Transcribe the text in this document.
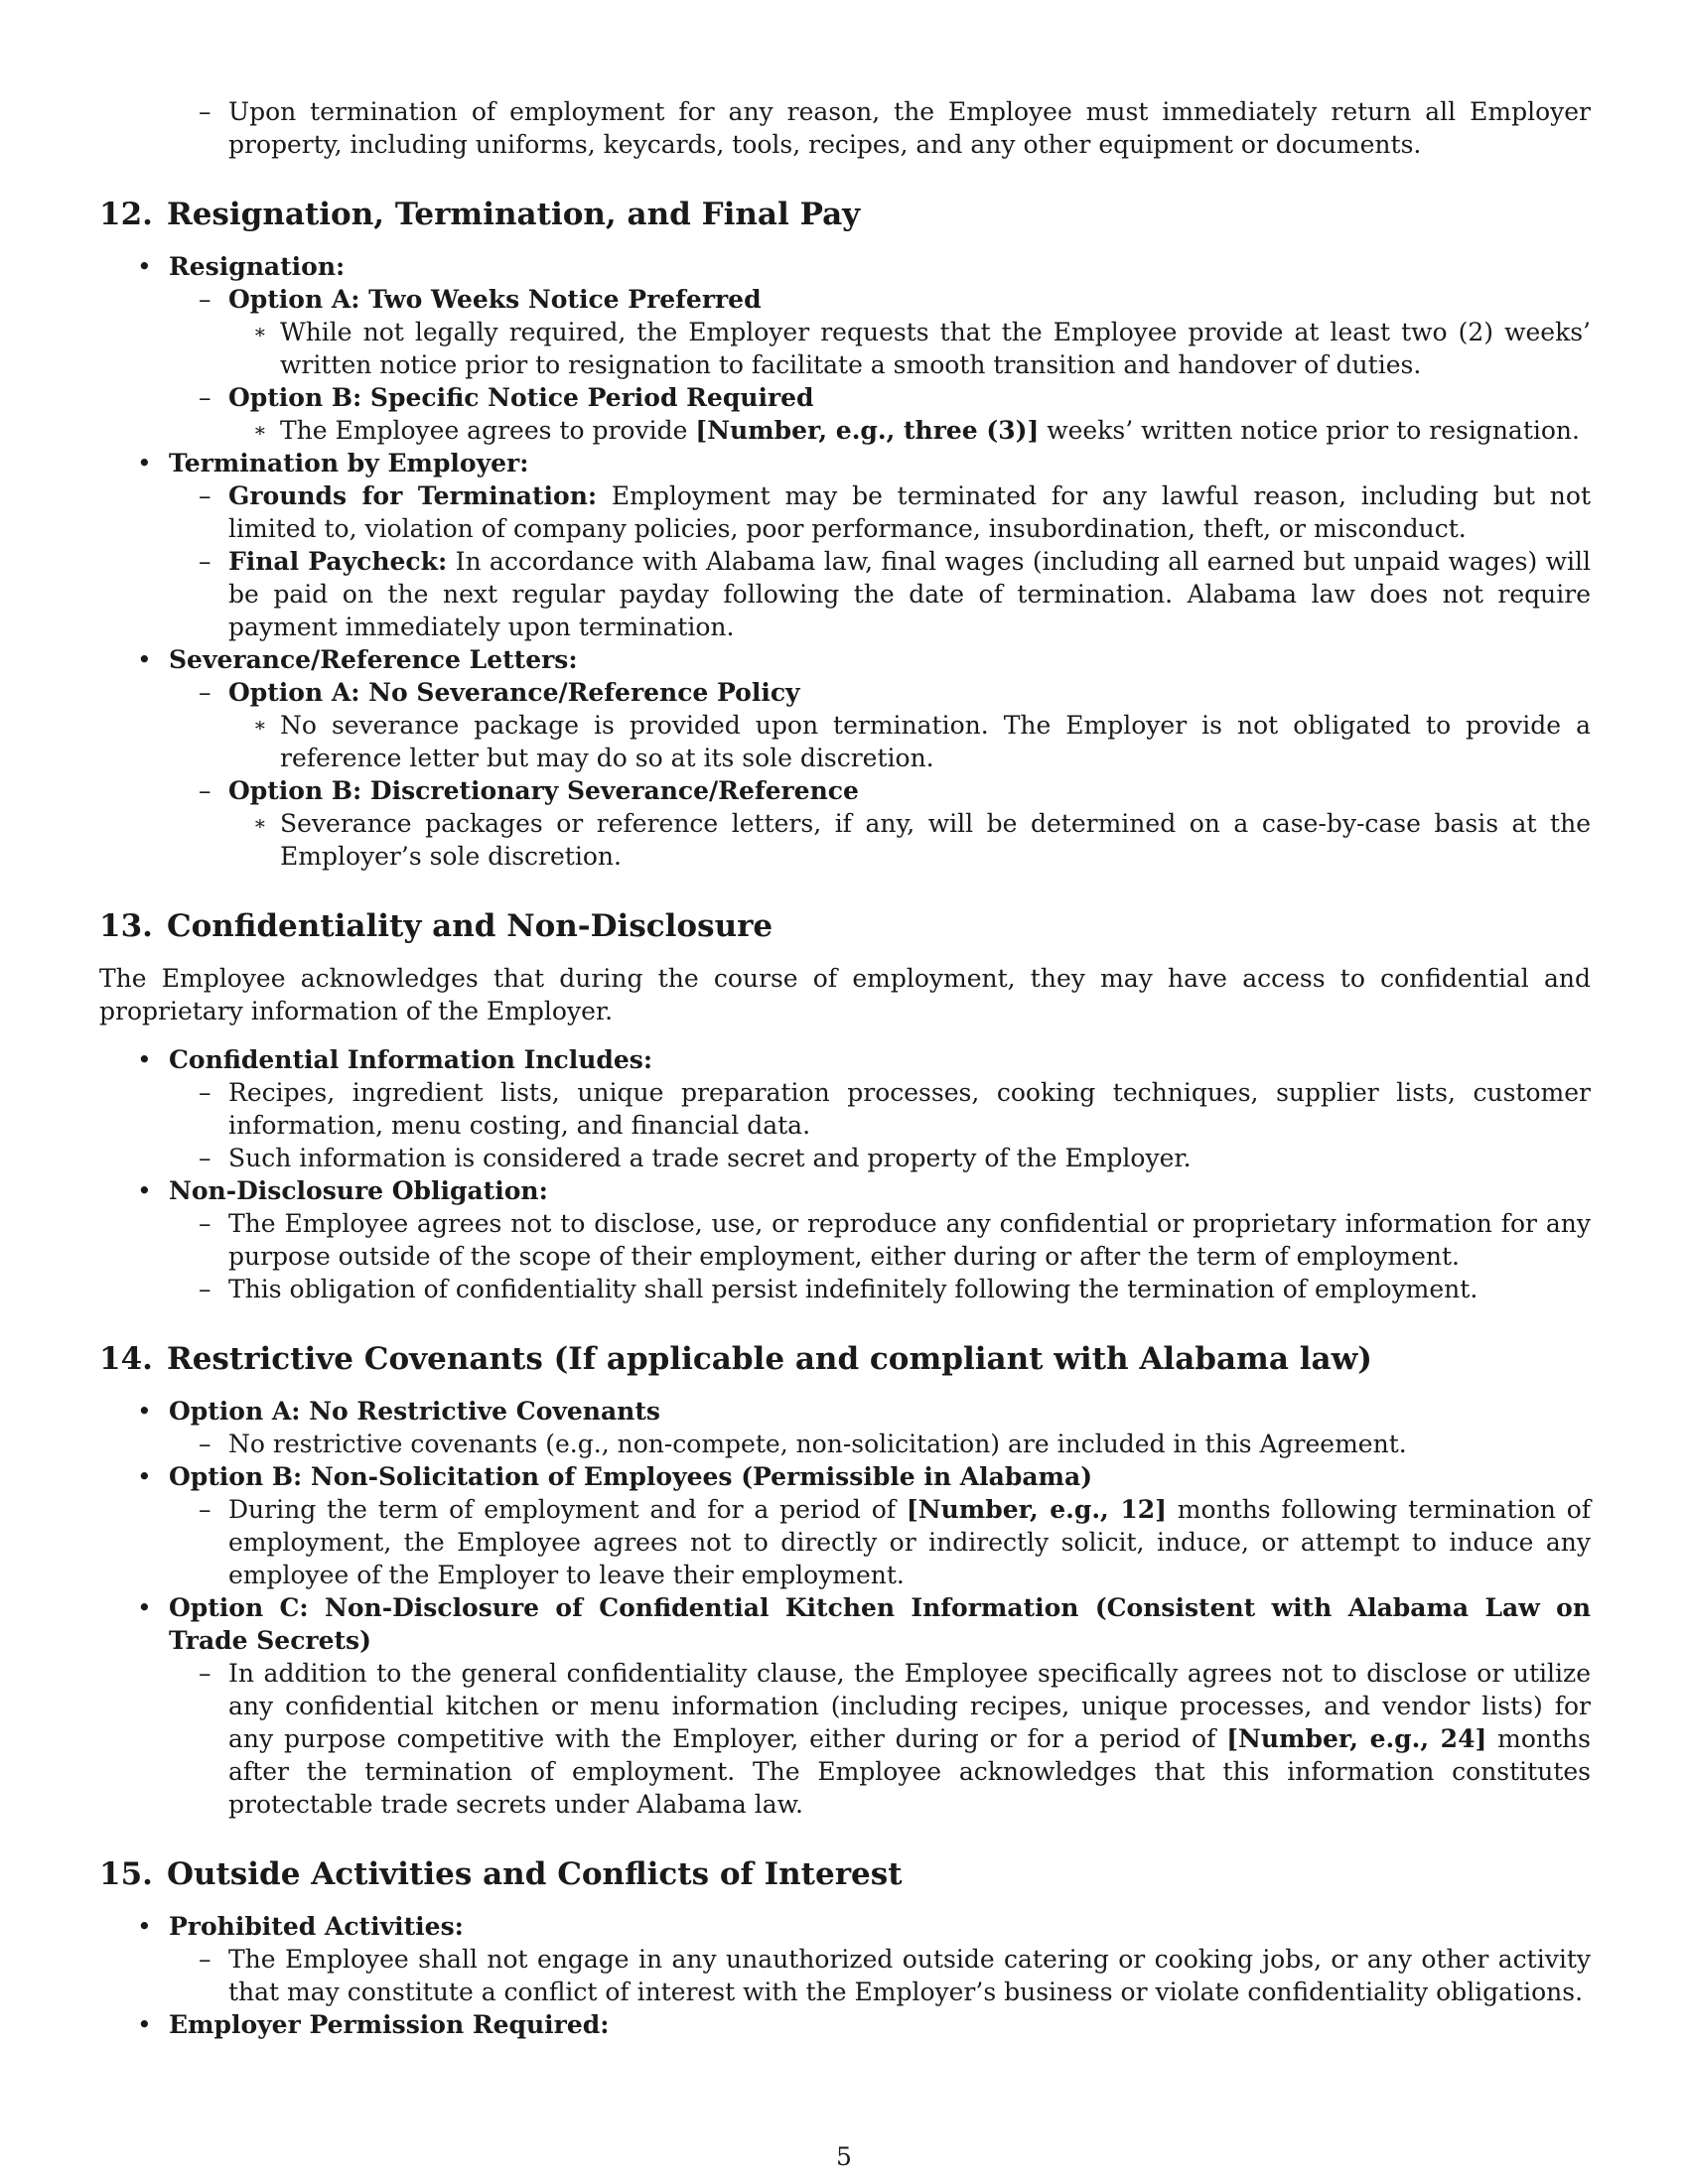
– Upon termination of employment for any reason, the Employee must immediately return all Employer property, including uniforms, keycards, tools, recipes, and any other equipment or documents.
12. Resignation, Termination, and Final Pay
• Resignation:
– Option A: Two Weeks Notice Preferred
∗ While not legally required, the Employer requests that the Employee provide at least two (2) weeks’ written notice prior to resignation to facilitate a smooth transition and handover of duties.
– Option B: Specific Notice Period Required
∗ The Employee agrees to provide [Number, e.g., three (3)] weeks’ written notice prior to resignation.
• Termination by Employer:
– Grounds for Termination: Employment may be terminated for any lawful reason, including but not limited to, violation of company policies, poor performance, insubordination, theft, or misconduct.
– Final Paycheck: In accordance with Alabama law, final wages (including all earned but unpaid wages) will be paid on the next regular payday following the date of termination. Alabama law does not require payment immediately upon termination.
• Severance/Reference Letters:
– Option A: No Severance/Reference Policy
∗ No severance package is provided upon termination. The Employer is not obligated to provide a reference letter but may do so at its sole discretion.
– Option B: Discretionary Severance/Reference
∗ Severance packages or reference letters, if any, will be determined on a case-by-case basis at the Employer’s sole discretion.
13. Confidentiality and Non-Disclosure

The Employee acknowledges that during the course of employment, they may have access to confidential and proprietary information of the Employer.

• Confidential Information Includes:
– Recipes, ingredient lists, unique preparation processes, cooking techniques, supplier lists, customer information, menu costing, and financial data.
– Such information is considered a trade secret and property of the Employer.
• Non-Disclosure Obligation:
– The Employee agrees not to disclose, use, or reproduce any confidential or proprietary information for any purpose outside of the scope of their employment, either during or after the term of employment.
– This obligation of confidentiality shall persist indefinitely following the termination of employment.
14. Restrictive Covenants (If applicable and compliant with Alabama law)
• Option A: No Restrictive Covenants
– No restrictive covenants (e.g., non-compete, non-solicitation) are included in this Agreement.
• Option B: Non-Solicitation of Employees (Permissible in Alabama)
– During the term of employment and for a period of [Number, e.g., 12] months following termination of employment, the Employee agrees not to directly or indirectly solicit, induce, or attempt to induce any employee of the Employer to leave their employment.
• Option C: Non-Disclosure of Confidential Kitchen Information (Consistent with Alabama Law on Trade Secrets)
– In addition to the general confidentiality clause, the Employee specifically agrees not to disclose or utilize any confidential kitchen or menu information (including recipes, unique processes, and vendor lists) for any purpose competitive with the Employer, either during or for a period of [Number, e.g., 24] months after the termination of employment. The Employee acknowledges that this information constitutes protectable trade secrets under Alabama law.
15. Outside Activities and Conflicts of Interest
• Prohibited Activities:
– The Employee shall not engage in any unauthorized outside catering or cooking jobs, or any other activity that may constitute a conflict of interest with the Employer’s business or violate confidentiality obligations.
• Employer Permission Required:
5
